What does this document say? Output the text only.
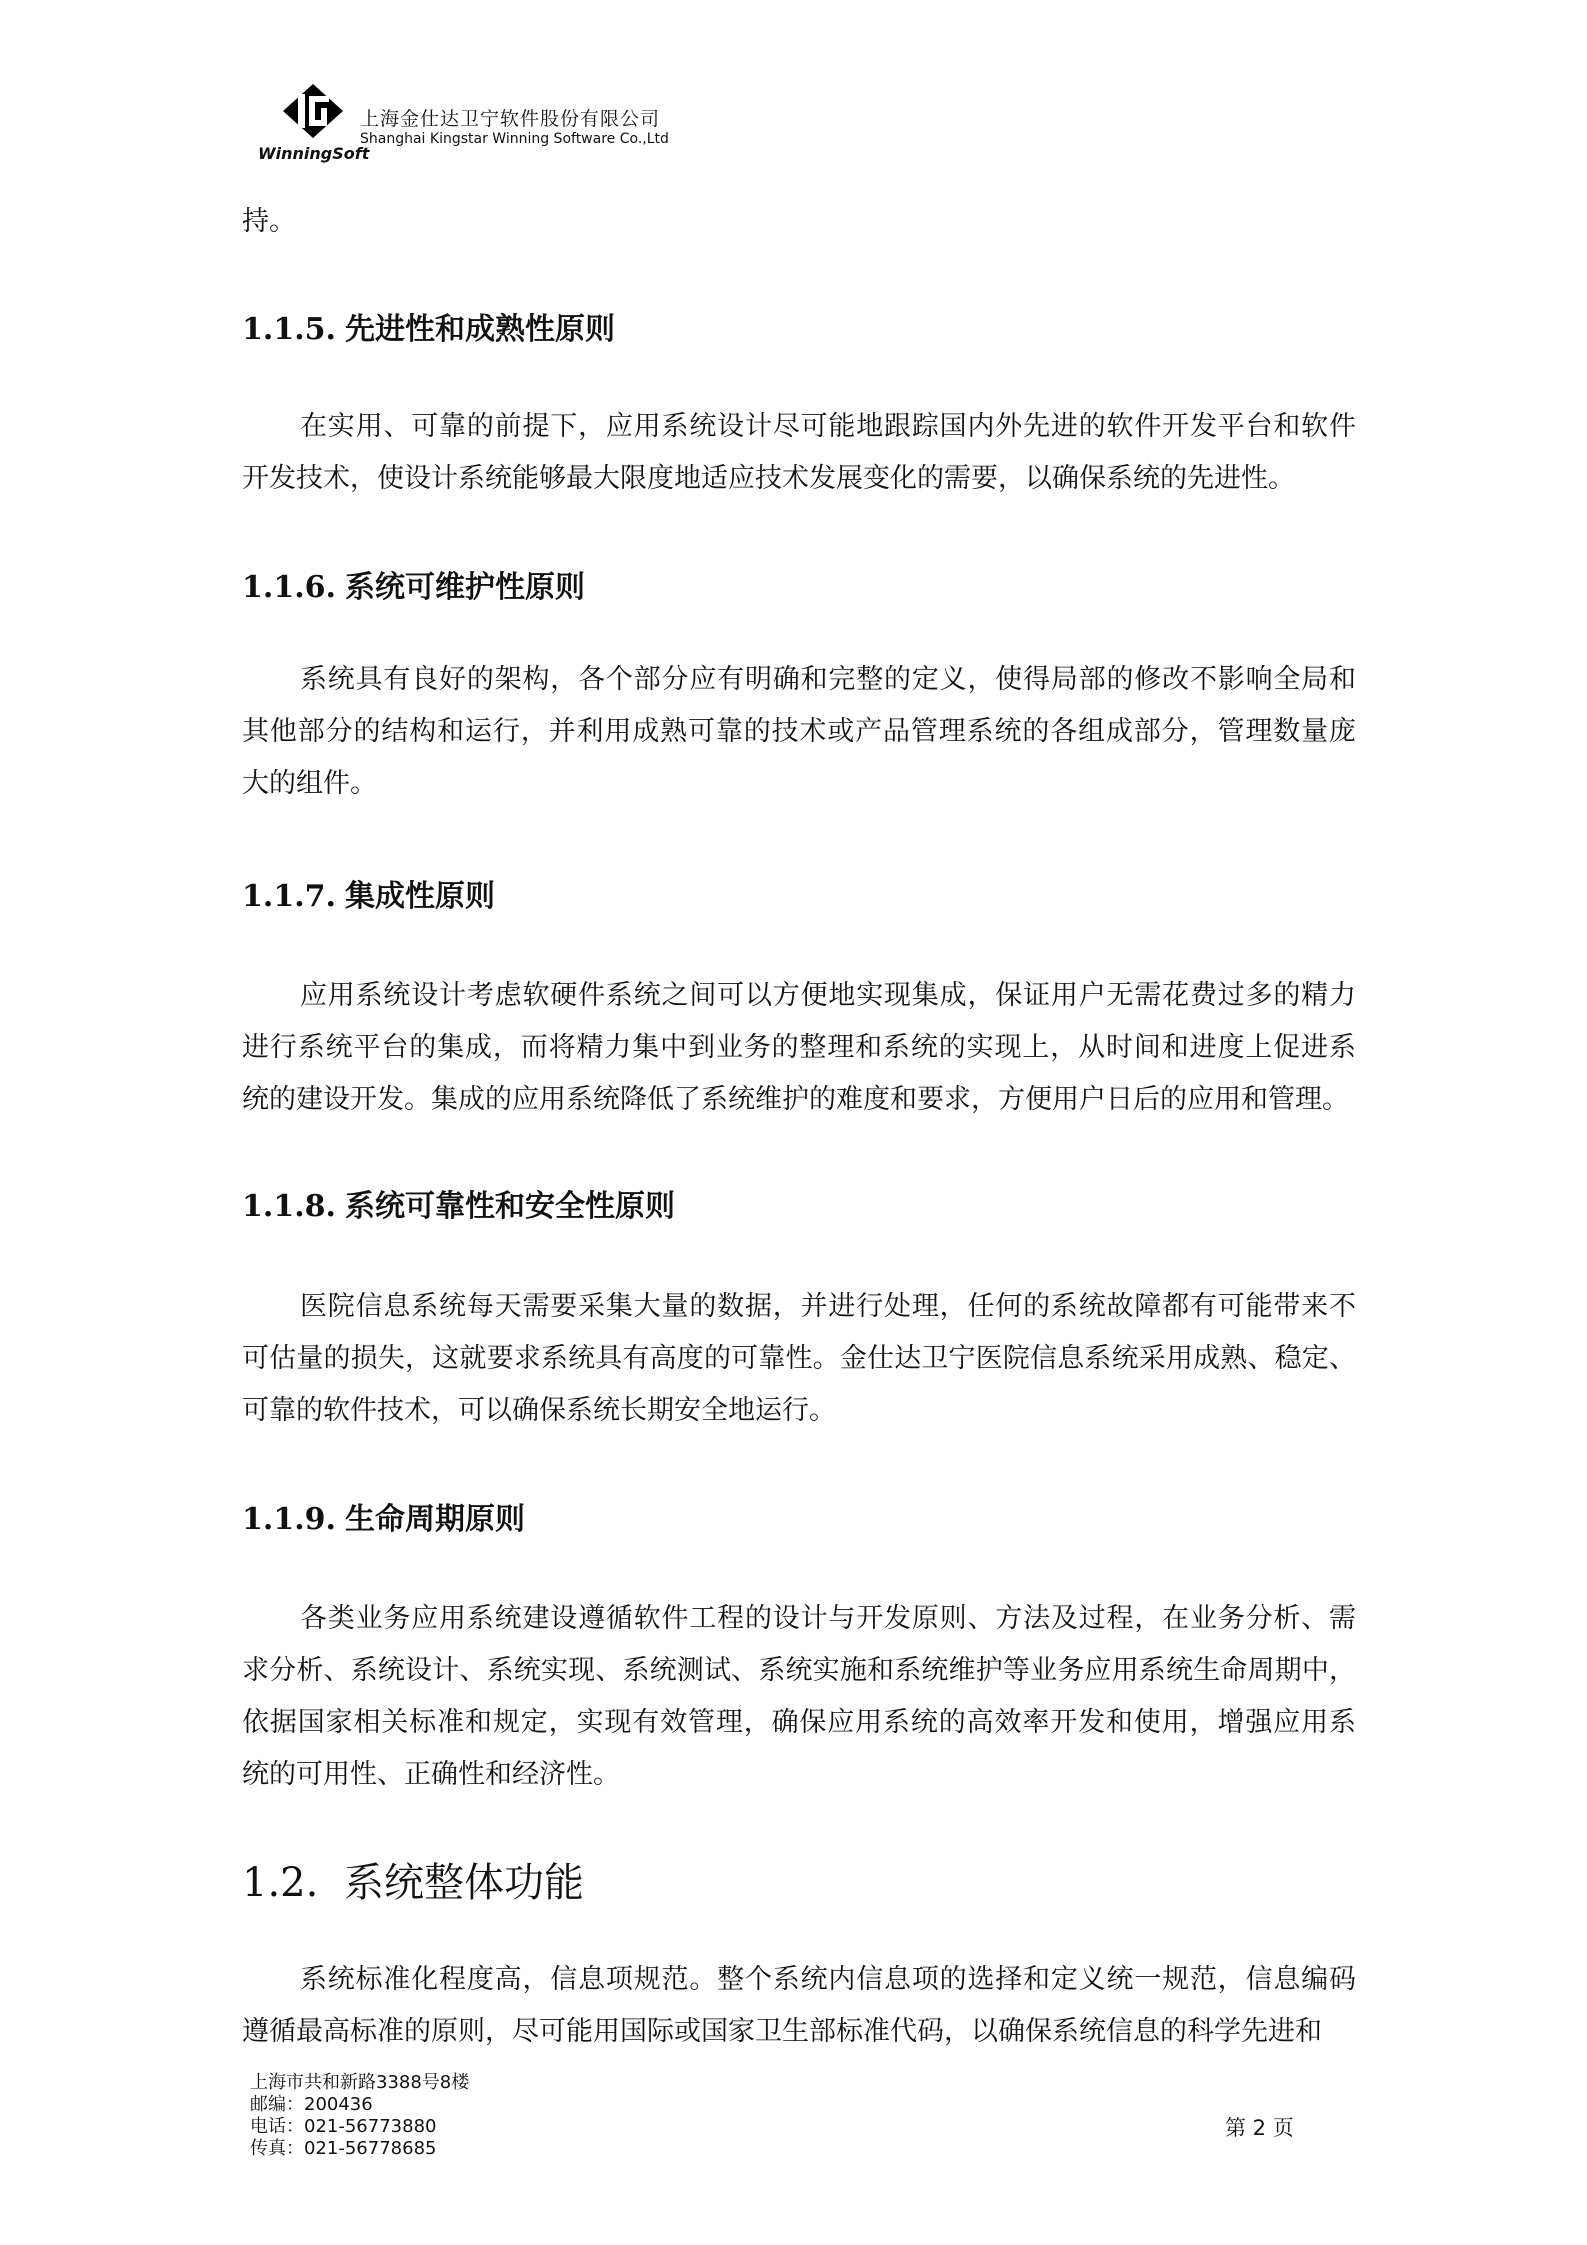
WinningSoft
上海金仕达卫宁软件股份有限公司
Shanghai Kingstar Winning Software Co.,Ltd
持。
1.1.5. 先进性和成熟性原则
在实用、可靠的前提下，应用系统设计尽可能地跟踪国内外先进的软件开发平台和软件
开发技术，使设计系统能够最大限度地适应技术发展变化的需要，以确保系统的先进性。
1.1.6. 系统可维护性原则
系统具有良好的架构，各个部分应有明确和完整的定义，使得局部的修改不影响全局和
其他部分的结构和运行，并利用成熟可靠的技术或产品管理系统的各组成部分，管理数量庞
大的组件。
1.1.7. 集成性原则
应用系统设计考虑软硬件系统之间可以方便地实现集成，保证用户无需花费过多的精力
进行系统平台的集成，而将精力集中到业务的整理和系统的实现上，从时间和进度上促进系
统的建设开发。集成的应用系统降低了系统维护的难度和要求，方便用户日后的应用和管理。
1.1.8. 系统可靠性和安全性原则
医院信息系统每天需要采集大量的数据，并进行处理，任何的系统故障都有可能带来不
可估量的损失，这就要求系统具有高度的可靠性。金仕达卫宁医院信息系统采用成熟、稳定、
可靠的软件技术，可以确保系统长期安全地运行。
1.1.9. 生命周期原则
各类业务应用系统建设遵循软件工程的设计与开发原则、方法及过程，在业务分析、需
求分析、系统设计、系统实现、系统测试、系统实施和系统维护等业务应用系统生命周期中，
依据国家相关标准和规定，实现有效管理，确保应用系统的高效率开发和使用，增强应用系
统的可用性、正确性和经济性。
1.2. 系统整体功能
系统标准化程度高，信息项规范。整个系统内信息项的选择和定义统一规范，信息编码
遵循最高标准的原则，尽可能用国际或国家卫生部标准代码，以确保系统信息的科学先进和
上海市共和新路3388号8楼
邮编：200436
电话：021-56773880
传真：021-56778685
第 2 页
